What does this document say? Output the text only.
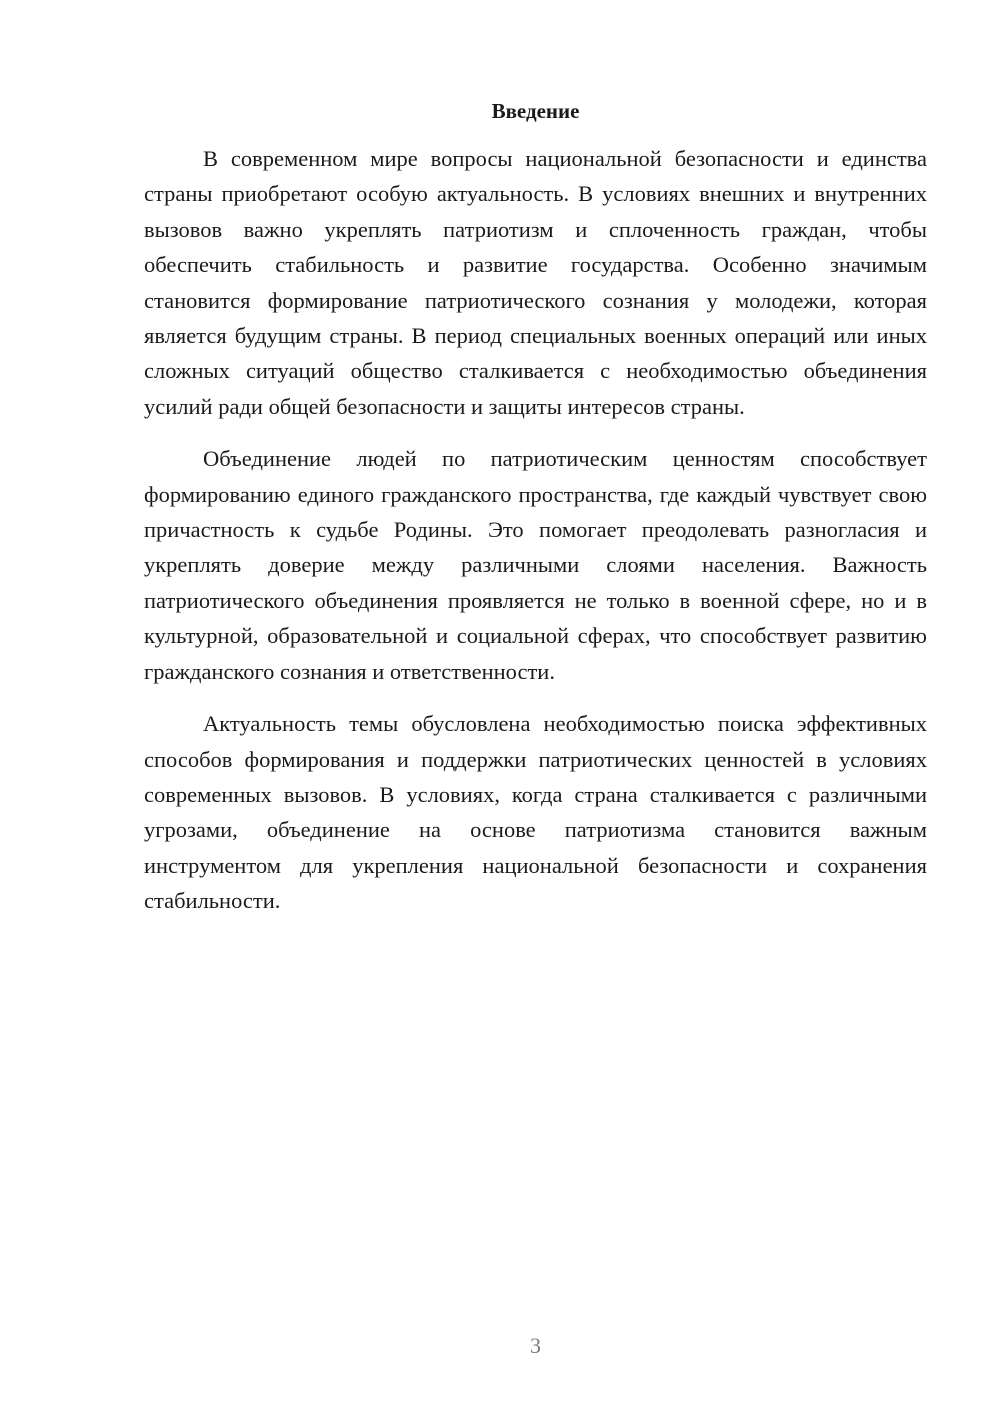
Введение

В современном мире вопросы национальной безопасности и единства страны приобретают особую актуальность. В условиях внешних и внутренних вызовов важно укреплять патриотизм и сплоченность граждан, чтобы обеспечить стабильность и развитие государства. Особенно значимым становится формирование патриотического сознания у молодежи, которая является будущим страны. В период специальных военных операций или иных сложных ситуаций общество сталкивается с необходимостью объединения усилий ради общей безопасности и защиты интересов страны.

Объединение людей по патриотическим ценностям способствует формированию единого гражданского пространства, где каждый чувствует свою причастность к судьбе Родины. Это помогает преодолевать разногласия и укреплять доверие между различными слоями населения. Важность патриотического объединения проявляется не только в военной сфере, но и в культурной, образовательной и социальной сферах, что способствует развитию гражданского сознания и ответственности.

Актуальность темы обусловлена необходимостью поиска эффективных способов формирования и поддержки патриотических ценностей в условиях современных вызовов. В условиях, когда страна сталкивается с различными угрозами, объединение на основе патриотизма становится важным инструментом для укрепления национальной безопасности и сохранения стабильности.

3
